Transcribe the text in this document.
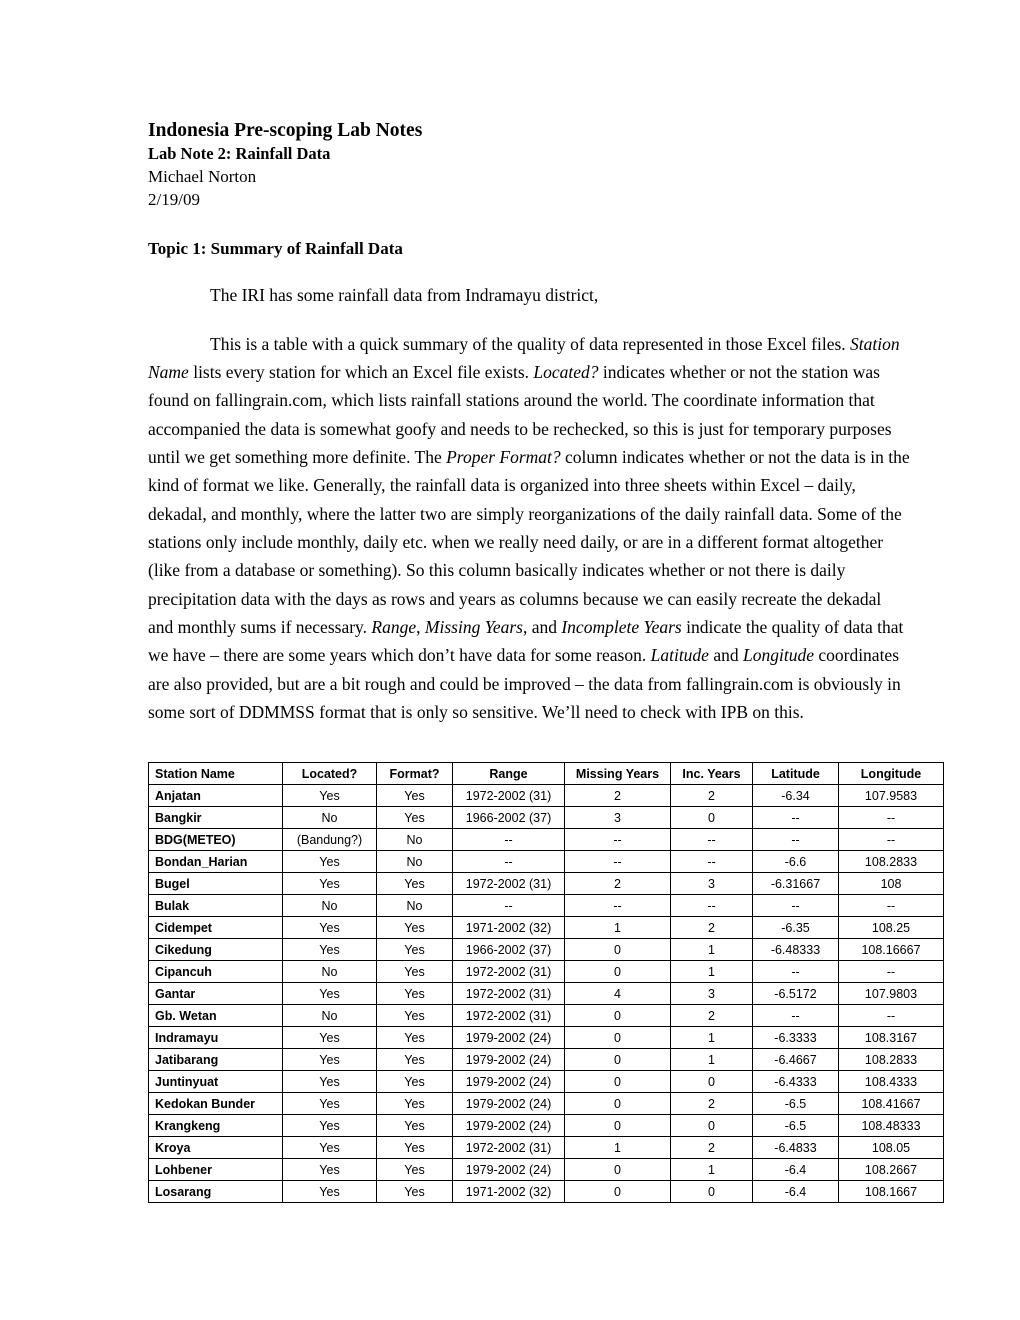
Indonesia Pre-scoping Lab Notes
Lab Note 2: Rainfall Data
Michael Norton
2/19/09
Topic 1: Summary of Rainfall Data

The IRI has some rainfall data from Indramayu district,

This is a table with a quick summary of the quality of data represented in those Excel files. Station Name lists every station for which an Excel file exists. Located? indicates whether or not the station was found on fallingrain.com, which lists rainfall stations around the world. The coordinate information that accompanied the data is somewhat goofy and needs to be rechecked, so this is just for temporary purposes until we get something more definite. The Proper Format? column indicates whether or not the data is in the kind of format we like. Generally, the rainfall data is organized into three sheets within Excel – daily, dekadal, and monthly, where the latter two are simply reorganizations of the daily rainfall data. Some of the stations only include monthly, daily etc. when we really need daily, or are in a different format altogether (like from a database or something). So this column basically indicates whether or not there is daily precipitation data with the days as rows and years as columns because we can easily recreate the dekadal and monthly sums if necessary. Range, Missing Years, and Incomplete Years indicate the quality of data that we have – there are some years which don’t have data for some reason. Latitude and Longitude coordinates are also provided, but are a bit rough and could be improved – the data from fallingrain.com is obviously in some sort of DDMMSS format that is only so sensitive. We’ll need to check with IPB on this.

Station Name	Located?	Format?	Range	Missing Years	Inc. Years	Latitude	Longitude
Anjatan	Yes	Yes	1972-2002 (31)	2	2	-6.34	107.9583
Bangkir	No	Yes	1966-2002 (37)	3	0	--	--
BDG(METEO)	(Bandung?)	No	--	--	--	--	--
Bondan_Harian	Yes	No	--	--	--	-6.6	108.2833
Bugel	Yes	Yes	1972-2002 (31)	2	3	-6.31667	108
Bulak	No	No	--	--	--	--	--
Cidempet	Yes	Yes	1971-2002 (32)	1	2	-6.35	108.25
Cikedung	Yes	Yes	1966-2002 (37)	0	1	-6.48333	108.16667
Cipancuh	No	Yes	1972-2002 (31)	0	1	--	--
Gantar	Yes	Yes	1972-2002 (31)	4	3	-6.5172	107.9803
Gb. Wetan	No	Yes	1972-2002 (31)	0	2	--	--
Indramayu	Yes	Yes	1979-2002 (24)	0	1	-6.3333	108.3167
Jatibarang	Yes	Yes	1979-2002 (24)	0	1	-6.4667	108.2833
Juntinyuat	Yes	Yes	1979-2002 (24)	0	0	-6.4333	108.4333
Kedokan Bunder	Yes	Yes	1979-2002 (24)	0	2	-6.5	108.41667
Krangkeng	Yes	Yes	1979-2002 (24)	0	0	-6.5	108.48333
Kroya	Yes	Yes	1972-2002 (31)	1	2	-6.4833	108.05
Lohbener	Yes	Yes	1979-2002 (24)	0	1	-6.4	108.2667
Losarang	Yes	Yes	1971-2002 (32)	0	0	-6.4	108.1667
